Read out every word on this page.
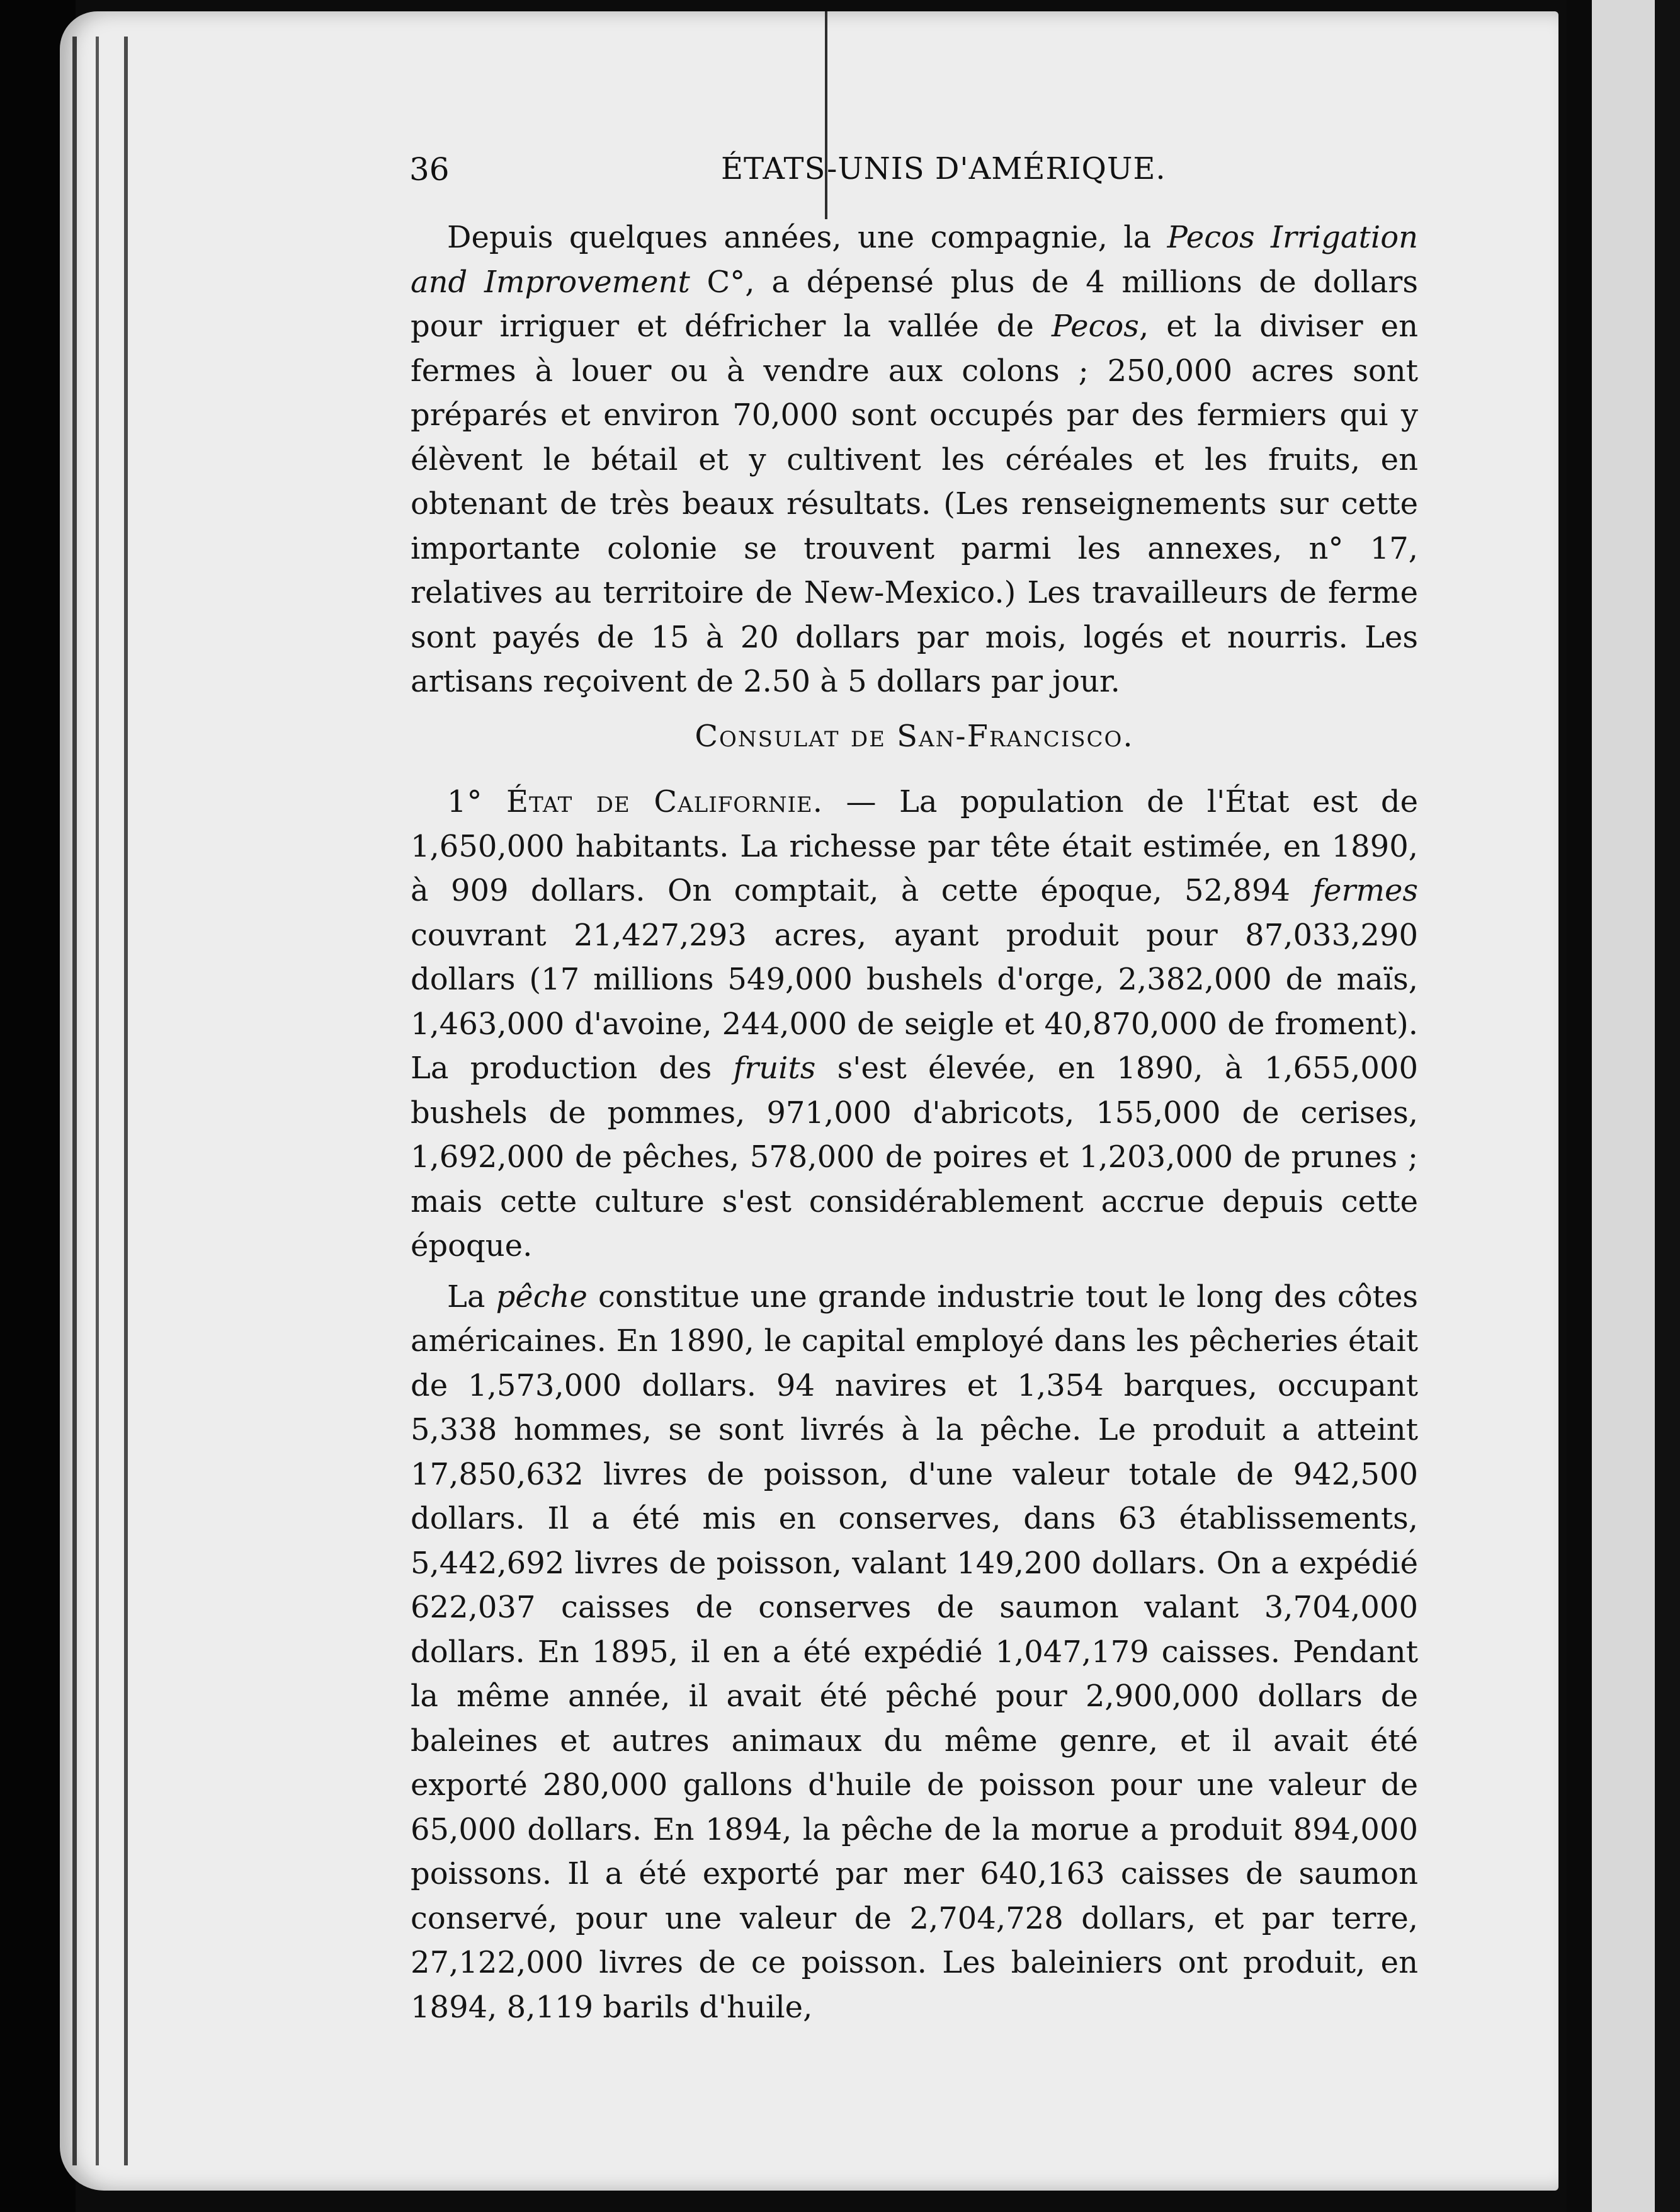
36	ÉTATS-UNIS D'AMÉRIQUE.

Depuis quelques années, une compagnie, la Pecos Irrigation and Improvement C°, a dépensé plus de 4 millions de dollars pour irriguer et défricher la vallée de Pecos, et la diviser en fermes à louer ou à vendre aux colons ; 250,000 acres sont préparés et environ 70,000 sont occupés par des fermiers qui y élèvent le bétail et y cultivent les céréales et les fruits, en obtenant de très beaux résultats. (Les renseignements sur cette importante colonie se trouvent parmi les annexes, n° 17, relatives au territoire de New-Mexico.) Les travailleurs de ferme sont payés de 15 à 20 dollars par mois, logés et nourris. Les artisans reçoivent de 2.50 à 5 dollars par jour.

Consulat de San-Francisco.

1° État de Californie. — La population de l'État est de 1,650,000 habitants. La richesse par tête était estimée, en 1890, à 909 dollars. On comptait, à cette époque, 52,894 fermes couvrant 21,427,293 acres, ayant produit pour 87,033,290 dollars (17 millions 549,000 bushels d'orge, 2,382,000 de maïs, 1,463,000 d'avoine, 244,000 de seigle et 40,870,000 de froment). La production des fruits s'est élevée, en 1890, à 1,655,000 bushels de pommes, 971,000 d'abricots, 155,000 de cerises, 1,692,000 de pêches, 578,000 de poires et 1,203,000 de prunes ; mais cette culture s'est considérablement accrue depuis cette époque.

La pêche constitue une grande industrie tout le long des côtes américaines. En 1890, le capital employé dans les pêcheries était de 1,573,000 dollars. 94 navires et 1,354 barques, occupant 5,338 hommes, se sont livrés à la pêche. Le produit a atteint 17,850,632 livres de poisson, d'une valeur totale de 942,500 dollars. Il a été mis en conserves, dans 63 établissements, 5,442,692 livres de poisson, valant 149,200 dollars. On a expédié 622,037 caisses de conserves de saumon valant 3,704,000 dollars. En 1895, il en a été expédié 1,047,179 caisses. Pendant la même année, il avait été pêché pour 2,900,000 dollars de baleines et autres animaux du même genre, et il avait été exporté 280,000 gallons d'huile de poisson pour une valeur de 65,000 dollars. En 1894, la pêche de la morue a produit 894,000 poissons. Il a été exporté par mer 640,163 caisses de saumon conservé, pour une valeur de 2,704,728 dollars, et par terre, 27,122,000 livres de ce poisson. Les baleiniers ont produit, en 1894, 8,119 barils d'huile,
